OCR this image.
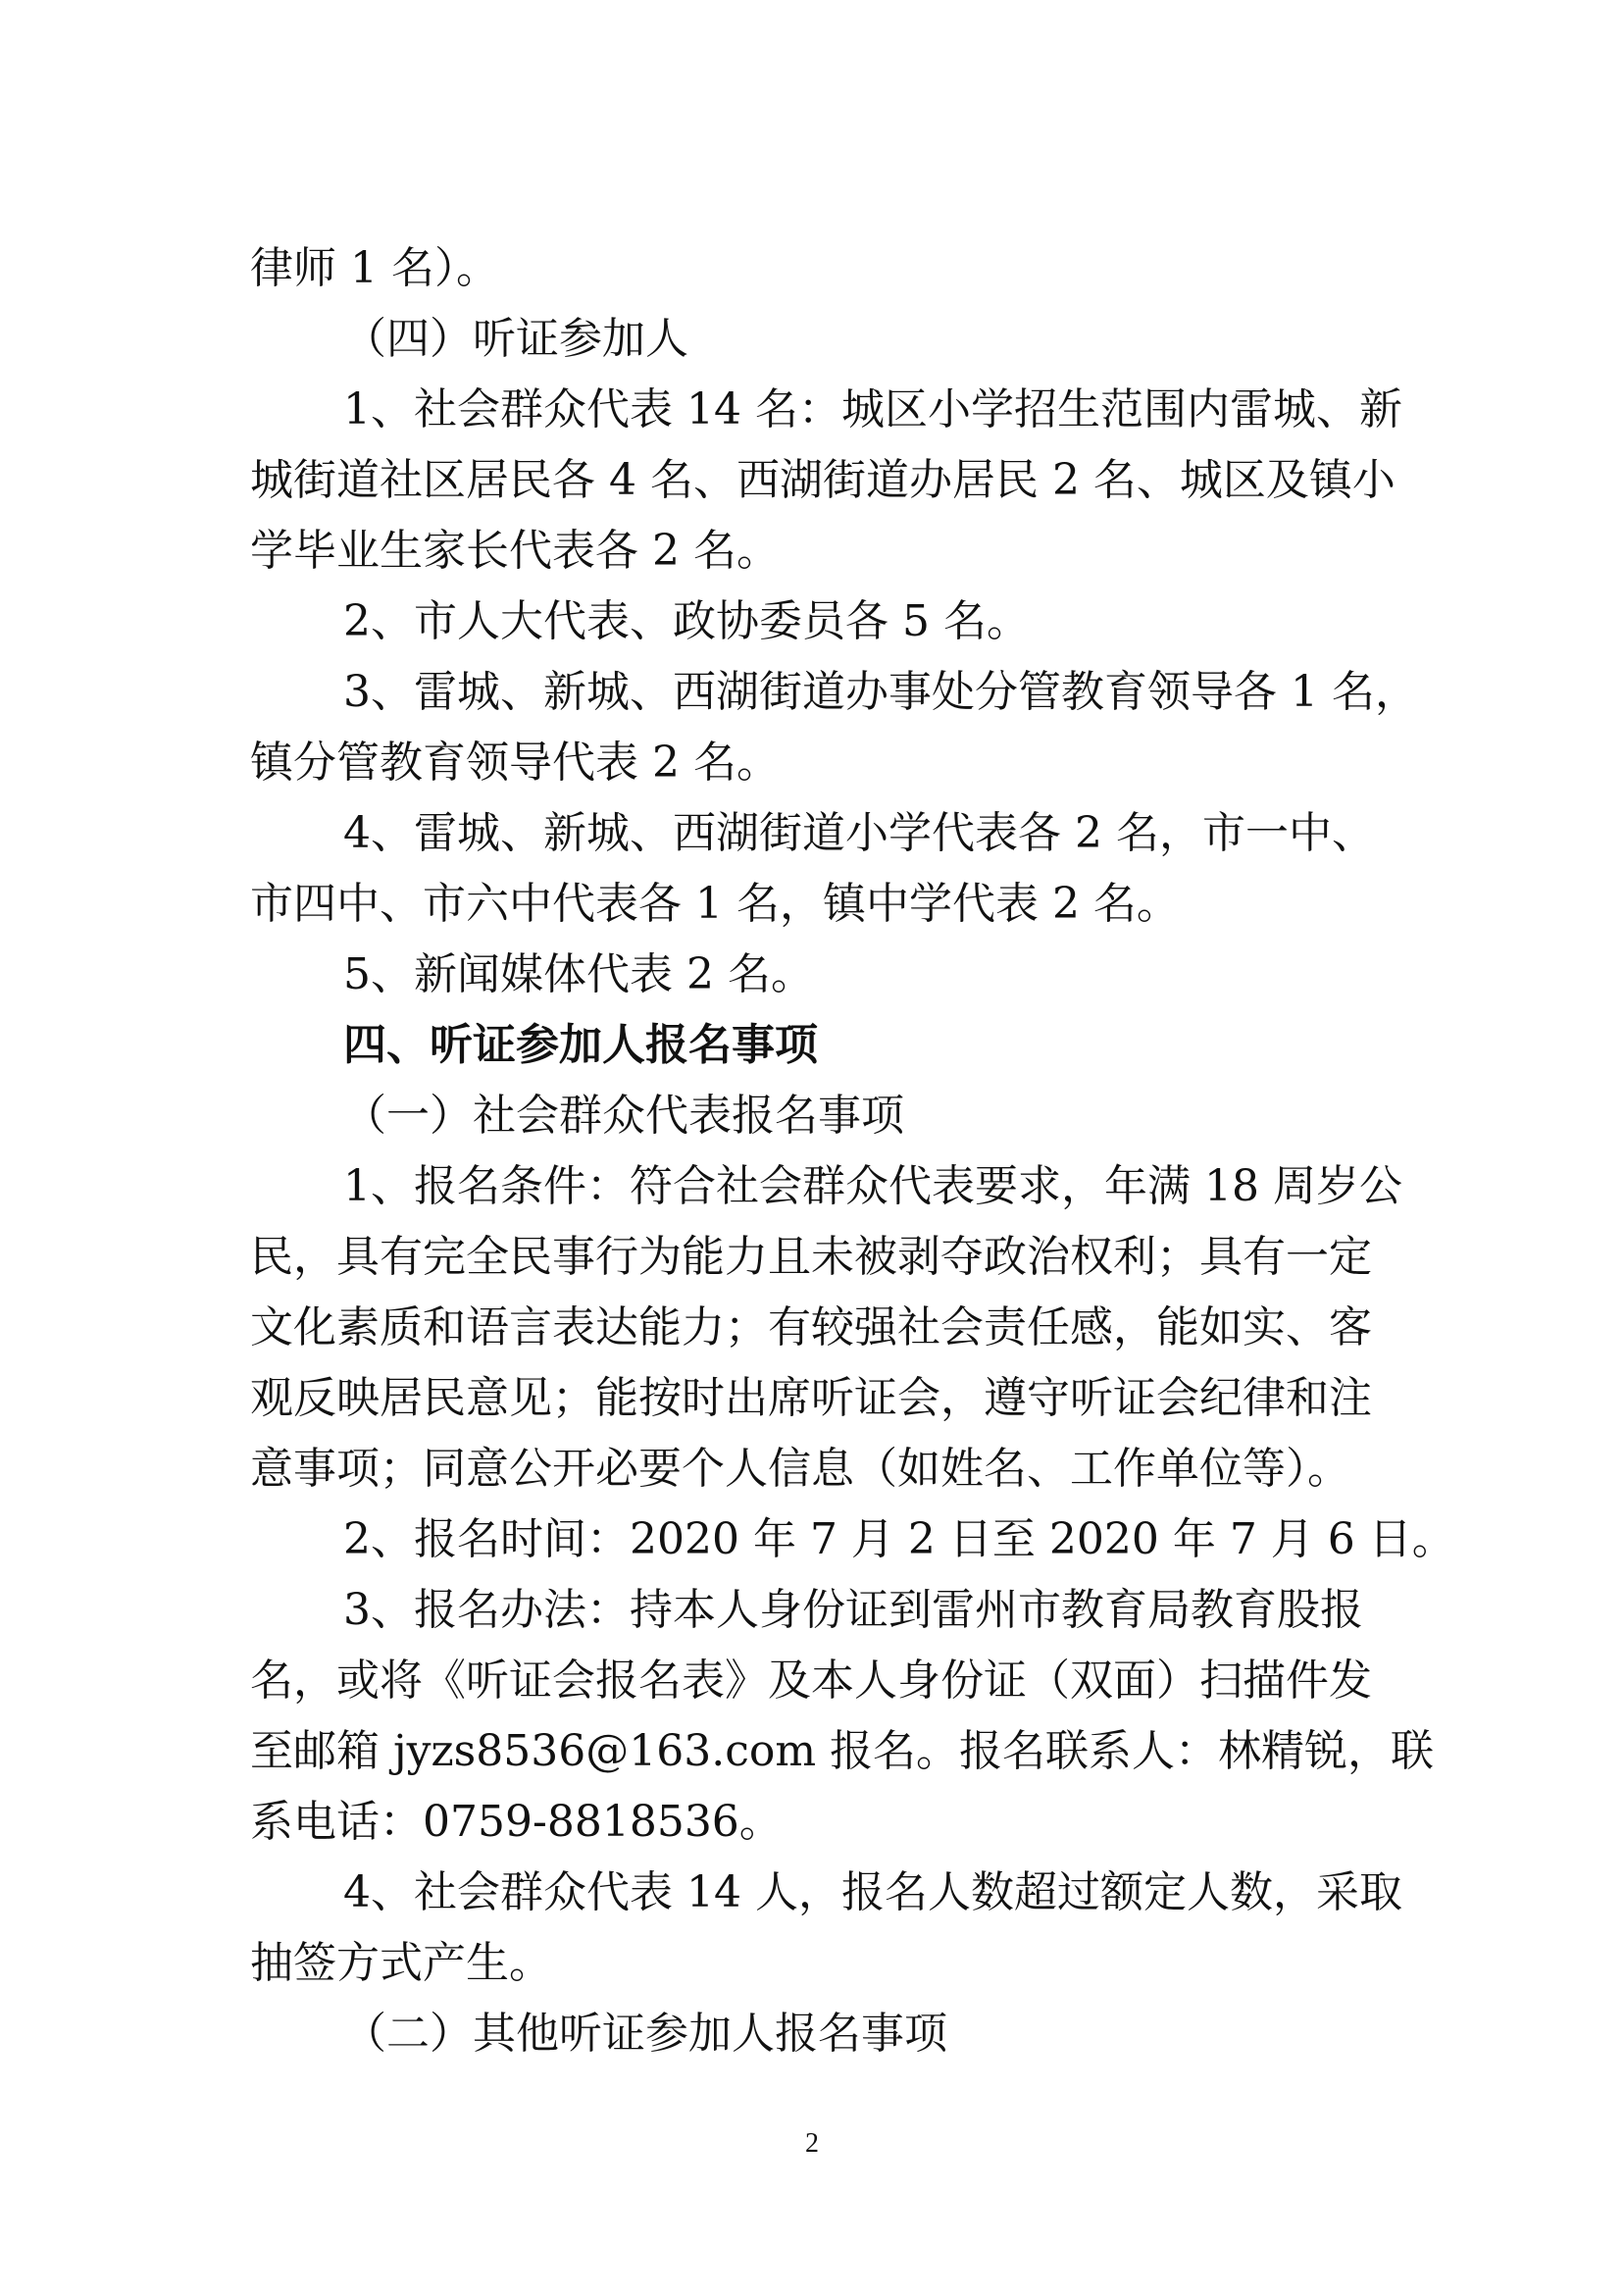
律师 1 名）。
（四）听证参加人
1、社会群众代表 14 名：城区小学招生范围内雷城、新
城街道社区居民各 4 名、西湖街道办居民 2 名、城区及镇小
学毕业生家长代表各 2 名。
2、市人大代表、政协委员各 5 名。
3、雷城、新城、西湖街道办事处分管教育领导各 1 名，
镇分管教育领导代表 2 名。
4、雷城、新城、西湖街道小学代表各 2 名，市一中、
市四中、市六中代表各 1 名，镇中学代表 2 名。
5、新闻媒体代表 2 名。
四、听证参加人报名事项
（一）社会群众代表报名事项
1、报名条件：符合社会群众代表要求，年满 18 周岁公
民，具有完全民事行为能力且未被剥夺政治权利；具有一定
文化素质和语言表达能力；有较强社会责任感，能如实、客
观反映居民意见；能按时出席听证会，遵守听证会纪律和注
意事项；同意公开必要个人信息（如姓名、工作单位等）。
2、报名时间：2020 年 7 月 2 日至 2020 年 7 月 6 日。
3、报名办法：持本人身份证到雷州市教育局教育股报
名，或将《听证会报名表》及本人身份证（双面）扫描件发
至邮箱 jyzs8536@163.com 报名。报名联系人：林精锐，联
系电话：0759-8818536。
4、社会群众代表 14 人，报名人数超过额定人数，采取
抽签方式产生。
（二）其他听证参加人报名事项
2
